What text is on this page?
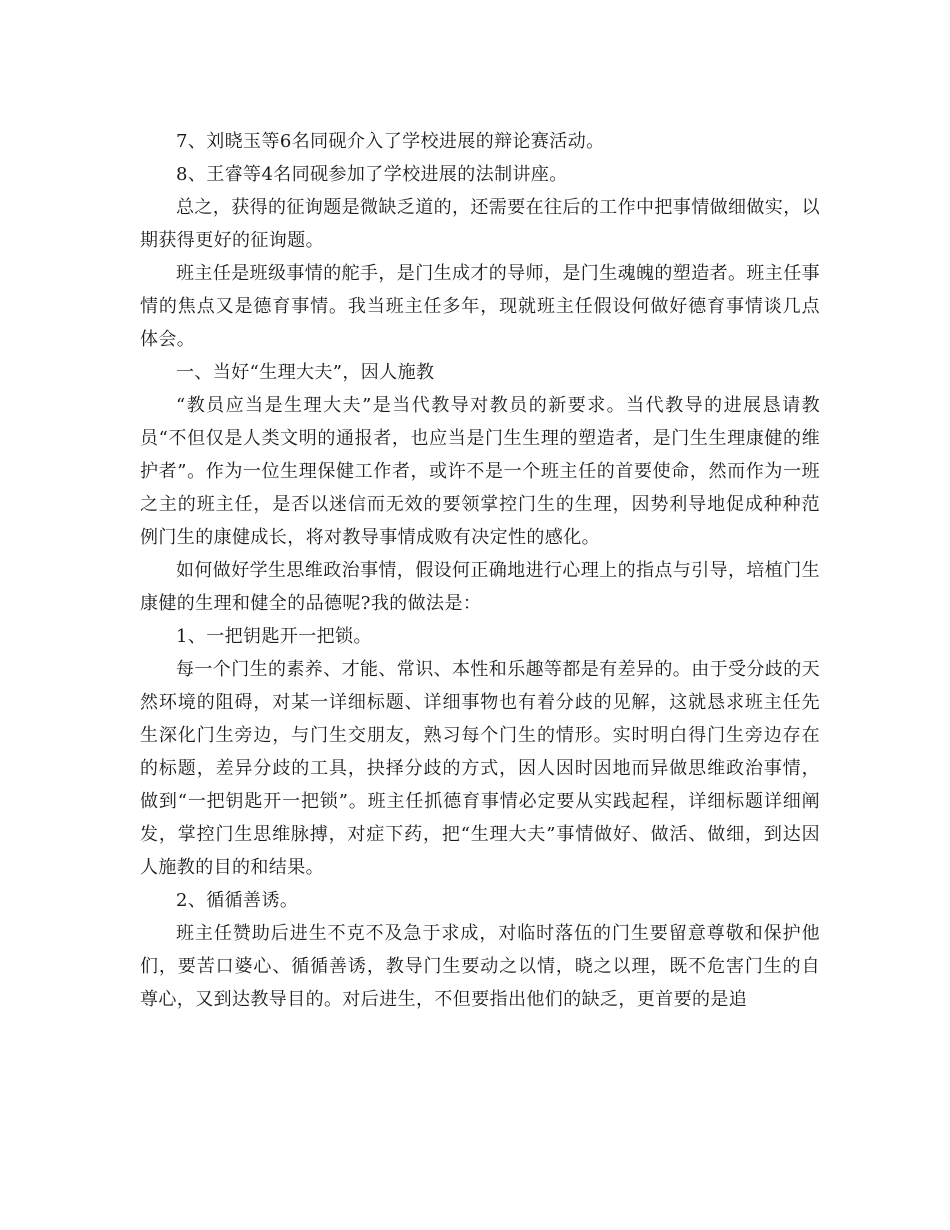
7、刘晓玉等6名同砚介入了学校进展的辩论赛活动。

8、王睿等4名同砚参加了学校进展的法制讲座。

总之，获得的征询题是微缺乏道的，还需要在往后的工作中把事情做细做实，以期获得更好的征询题。

班主任是班级事情的舵手，是门生成才的导师，是门生魂魄的塑造者。班主任事情的焦点又是德育事情。我当班主任多年，现就班主任假设何做好德育事情谈几点体会。

一、当好“生理大夫”，因人施教

“教员应当是生理大夫”是当代教导对教员的新要求。当代教导的进展恳请教员“不但仅是人类文明的通报者，也应当是门生生理的塑造者，是门生生理康健的维护者”。作为一位生理保健工作者，或许不是一个班主任的首要使命，然而作为一班之主的班主任，是否以迷信而无效的要领掌控门生的生理，因势利导地促成种种范例门生的康健成长，将对教导事情成败有决定性的感化。

如何做好学生思维政治事情，假设何正确地进行心理上的指点与引导，培植门生康健的生理和健全的品德呢?我的做法是：

1、一把钥匙开一把锁。

每一个门生的素养、才能、常识、本性和乐趣等都是有差异的。由于受分歧的天然环境的阻碍，对某一详细标题、详细事物也有着分歧的见解，这就恳求班主任先生深化门生旁边，与门生交朋友，熟习每个门生的情形。实时明白得门生旁边存在的标题，差异分歧的工具，抉择分歧的方式，因人因时因地而异做思维政治事情，做到“一把钥匙开一把锁”。班主任抓德育事情必定要从实践起程，详细标题详细阐发，掌控门生思维脉搏，对症下药，把“生理大夫”事情做好、做活、做细，到达因人施教的目的和结果。

2、循循善诱。

班主任赞助后进生不克不及急于求成，对临时落伍的门生要留意尊敬和保护他们，要苦口婆心、循循善诱，教导门生要动之以情，晓之以理，既不危害门生的自尊心，又到达教导目的。对后进生，不但要指出他们的缺乏，更首要的是追
